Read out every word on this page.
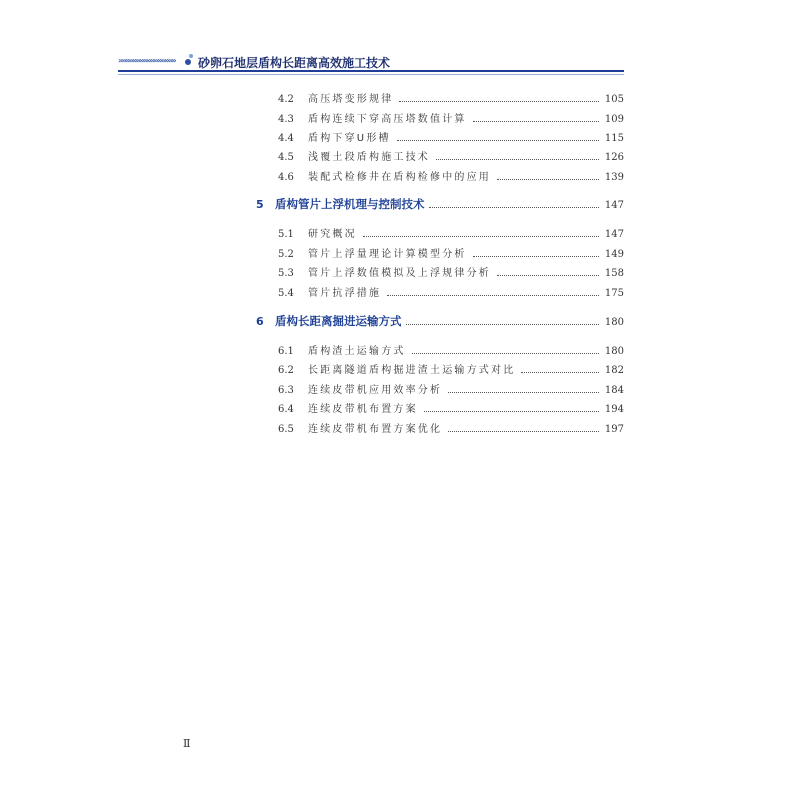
»»»»»»»»»»»»»»»» 砂卵石地层盾构长距离高效施工技术
4.2	高压塔变形规律	105
4.3	盾构连续下穿高压塔数值计算	109
4.4	盾构下穿U形槽	115
4.5	浅覆土段盾构施工技术	126
4.6	装配式检修井在盾构检修中的应用	139
5 盾构管片上浮机理与控制技术	147
5.1	研究概况	147
5.2	管片上浮量理论计算模型分析	149
5.3	管片上浮数值模拟及上浮规律分析	158
5.4	管片抗浮措施	175
6 盾构长距离掘进运输方式	180
6.1	盾构渣土运输方式	180
6.2	长距离隧道盾构掘进渣土运输方式对比	182
6.3	连续皮带机应用效率分析	184
6.4	连续皮带机布置方案	194
6.5	连续皮带机布置方案优化	197
Ⅱ
